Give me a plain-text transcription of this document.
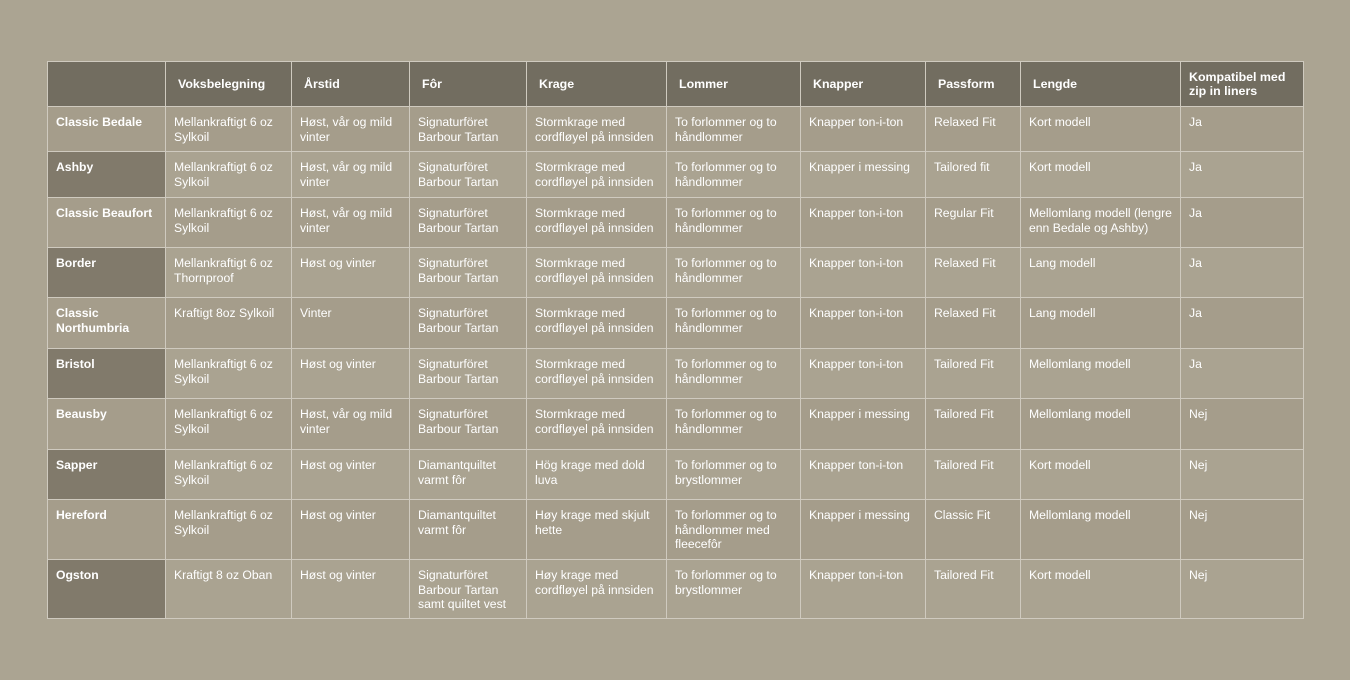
	Voksbelegning	Årstid	Fôr	Krage	Lommer	Knapper	Passform	Lengde	Kompatibel med zip in liners
Classic Bedale	Mellankraftigt 6 oz Sylkoil	Høst, vår og mild vinter	Signaturföret Barbour Tartan	Stormkrage med cordfløyel på innsiden	To forlommer og to håndlommer	Knapper ton-i-ton	Relaxed Fit	Kort modell	Ja
Ashby	Mellankraftigt 6 oz Sylkoil	Høst, vår og mild vinter	Signaturföret Barbour Tartan	Stormkrage med cordfløyel på innsiden	To forlommer og to håndlommer	Knapper i messing	Tailored fit	Kort modell	Ja
Classic Beaufort	Mellankraftigt 6 oz Sylkoil	Høst, vår og mild vinter	Signaturföret Barbour Tartan	Stormkrage med cordfløyel på innsiden	To forlommer og to håndlommer	Knapper ton-i-ton	Regular Fit	Mellomlang modell (lengre enn Bedale og Ashby)	Ja
Border	Mellankraftigt 6 oz Thornproof	Høst og vinter	Signaturföret Barbour Tartan	Stormkrage med cordfløyel på innsiden	To forlommer og to håndlommer	Knapper ton-i-ton	Relaxed Fit	Lang modell	Ja
Classic Northumbria	Kraftigt 8oz Sylkoil	Vinter	Signaturföret Barbour Tartan	Stormkrage med cordfløyel på innsiden	To forlommer og to håndlommer	Knapper ton-i-ton	Relaxed Fit	Lang modell	Ja
Bristol	Mellankraftigt 6 oz Sylkoil	Høst og vinter	Signaturföret Barbour Tartan	Stormkrage med cordfløyel på innsiden	To forlommer og to håndlommer	Knapper ton-i-ton	Tailored Fit	Mellomlang modell	Ja
Beausby	Mellankraftigt 6 oz Sylkoil	Høst, vår og mild vinter	Signaturföret Barbour Tartan	Stormkrage med cordfløyel på innsiden	To forlommer og to håndlommer	Knapper i messing	Tailored Fit	Mellomlang modell	Nej
Sapper	Mellankraftigt 6 oz Sylkoil	Høst og vinter	Diamantquiltet varmt fôr	Hög krage med dold luva	To forlommer og to brystlommer	Knapper ton-i-ton	Tailored Fit	Kort modell	Nej
Hereford	Mellankraftigt 6 oz Sylkoil	Høst og vinter	Diamantquiltet varmt fôr	Høy krage med skjult hette	To forlommer og to håndlommer med fleecefôr	Knapper i messing	Classic Fit	Mellomlang modell	Nej
Ogston	Kraftigt 8 oz Oban	Høst og vinter	Signaturföret Barbour Tartan samt quiltet vest	Høy krage med cordfløyel på innsiden	To forlommer og to brystlommer	Knapper ton-i-ton	Tailored Fit	Kort modell	Nej
